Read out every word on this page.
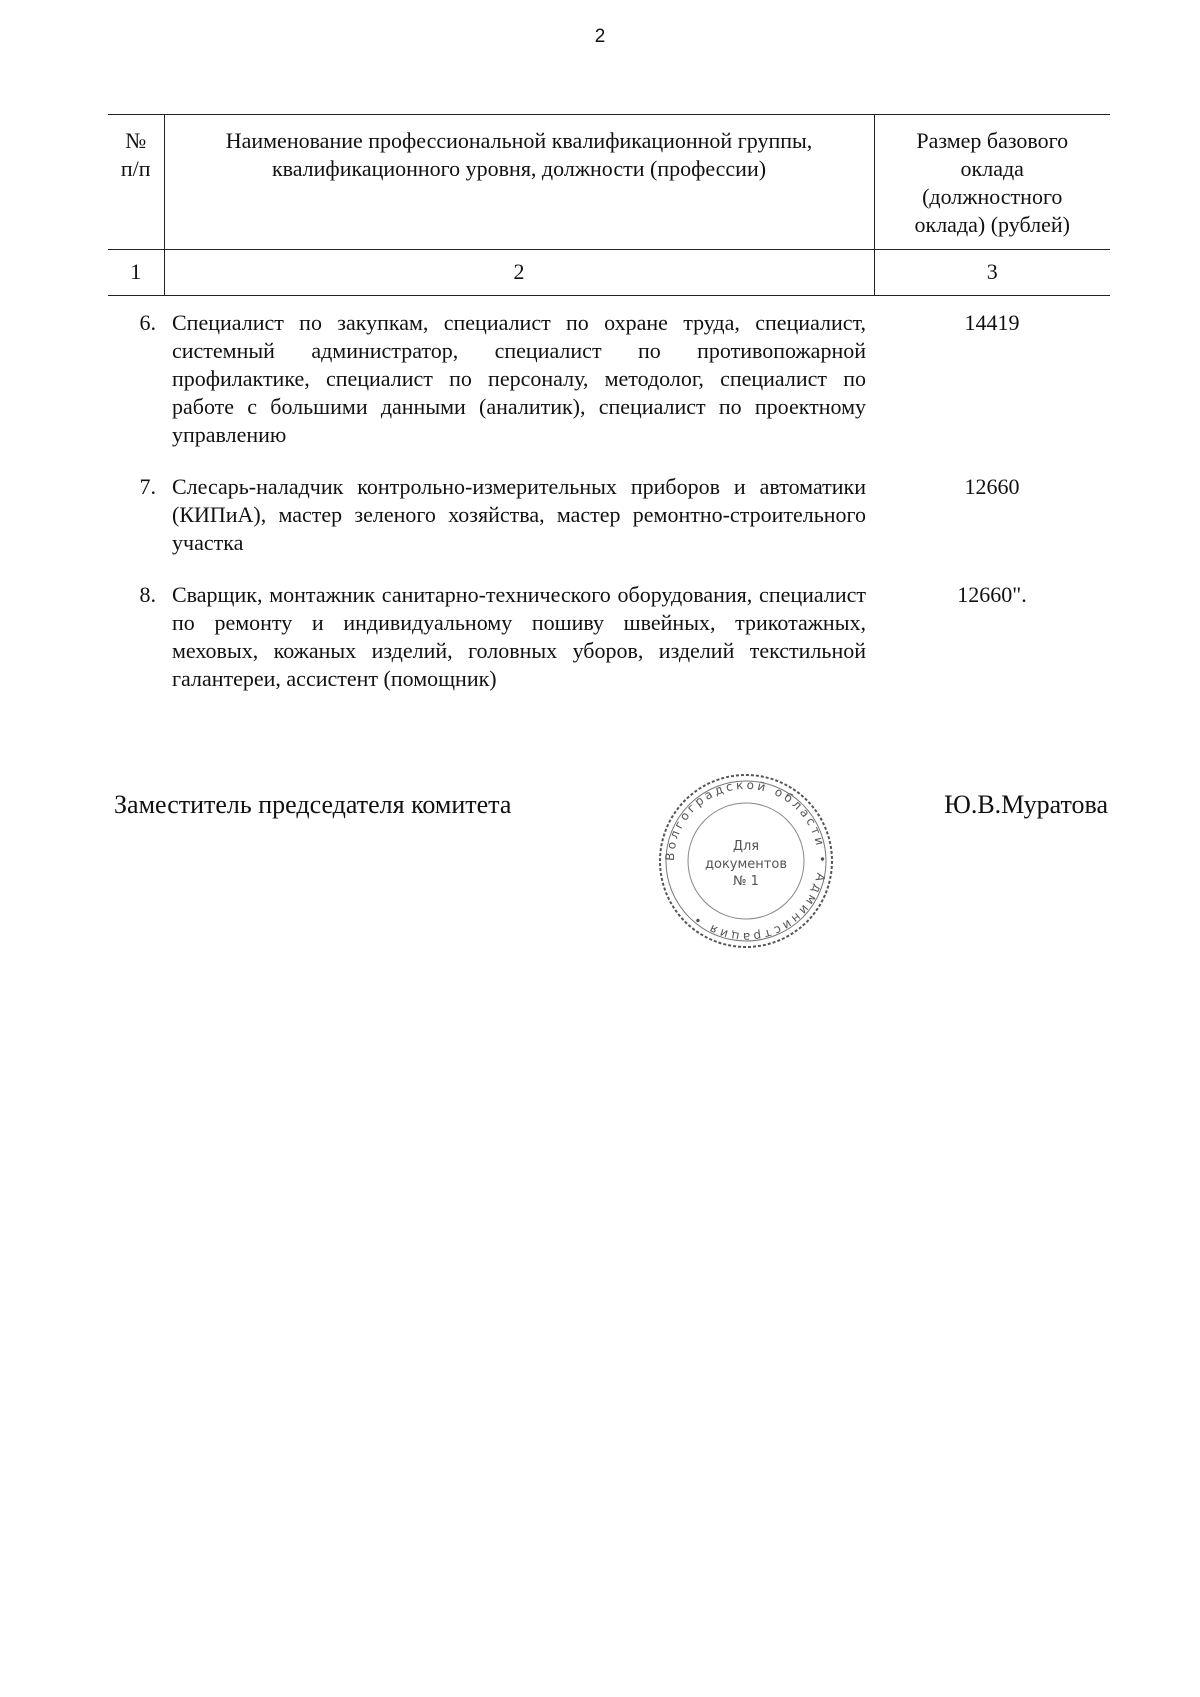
2
№
п/п	Наименование профессиональной квалификационной группы, квалификационного уровня, должности (профессии)	Размер базового оклада (должностного оклада) (рублей)
1	2	3
6.	Специалист по закупкам, специалист по охране труда, специалист, системный администратор, специалист по противопожарной профилактике, специалист по персоналу, методолог, специалист по работе с большими данными (аналитик), специалист по проектному управлению	14419
7.	Слесарь-наладчик контрольно-измерительных приборов и автоматики (КИПиА), мастер зеленого хозяйства, мастер ремонтно-строительного участка	12660
8.	Сварщик, монтажник санитарно-технического оборудования, специалист по ремонту и индивидуальному пошиву швейных, трикотажных, меховых, кожаных изделий, головных уборов, изделий текстильной галантереи, ассистент (помощник)	12660".
Заместитель председателя комитета
Волгоградской области • Администрация •
Для
документов
№ 1
Ю.В.Муратова
